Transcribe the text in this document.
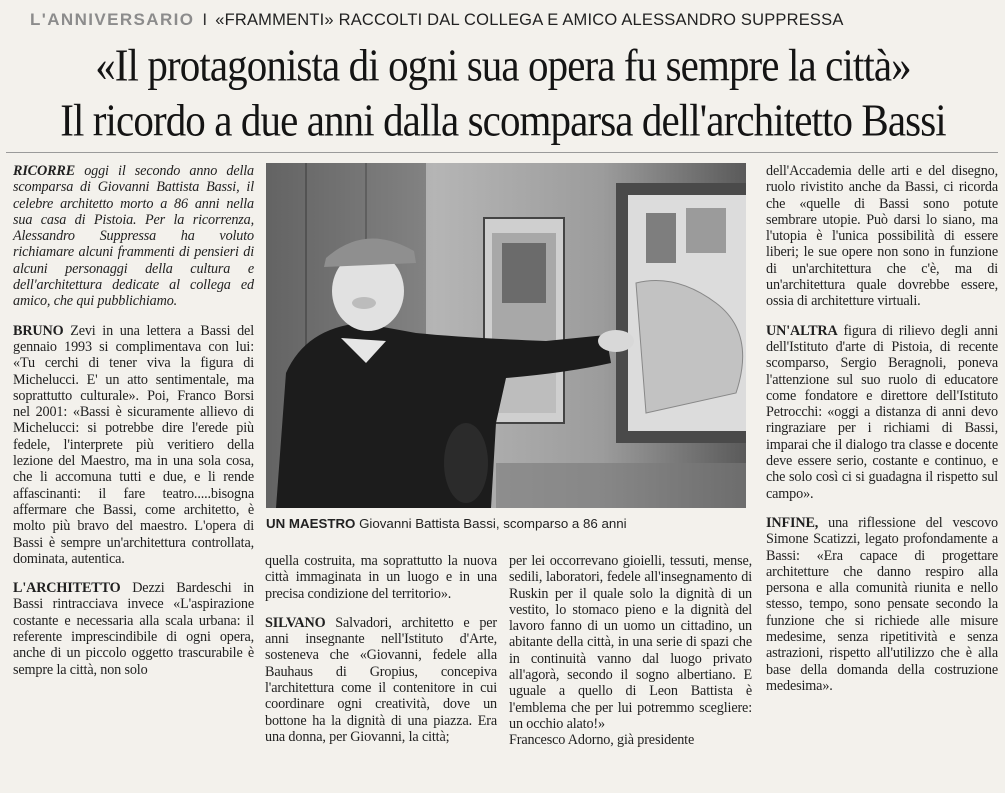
L'ANNIVERSARIO I «FRAMMENTI» RACCOLTI DAL COLLEGA E AMICO ALESSANDRO SUPPRESSA
«Il protagonista di ogni sua opera fu sempre la città»
Il ricordo a due anni dalla scomparsa dell'architetto Bassi

RICORRE oggi il secondo anno della scomparsa di Giovanni Battista Bassi, il celebre architetto morto a 86 anni nella sua casa di Pistoia. Per la ricorrenza, Alessandro Suppressa ha voluto richiamare alcuni frammenti di pensieri di alcuni personaggi della cultura e dell'architettura dedicate al collega ed amico, che qui pubblichiamo.

BRUNO Zevi in una lettera a Bassi del gennaio 1993 si complimentava con lui: «Tu cerchi di tener viva la figura di Michelucci. E' un atto sentimentale, ma soprattutto culturale». Poi, Franco Borsi nel 2001: «Bassi è sicuramente allievo di Michelucci: si potrebbe dire l'erede più fedele, l'interprete più veritiero della lezione del Maestro, ma in una sola cosa, che li accomuna tutti e due, e li rende affascinanti: il fare teatro.....bisogna affermare che Bassi, come architetto, è molto più bravo del maestro. L'opera di Bassi è sempre un'architettura controllata, dominata, autentica.

L'ARCHITETTO Dezzi Bardeschi in Bassi rintracciava invece «L'aspirazione costante e necessaria alla scala urbana: il referente imprescindibile di ogni opera, anche di un piccolo oggetto trascurabile è sempre la città, non solo

UN MAESTRO Giovanni Battista Bassi, scomparso a 86 anni

quella costruita, ma soprattutto la nuova città immaginata in un luogo e in una precisa condizione del territorio».

SILVANO Salvadori, architetto e per anni insegnante nell'Istituto d'Arte, sosteneva che «Giovanni, fedele alla Bauhaus di Gropius, concepiva l'architettura come il contenitore in cui coordinare ogni creatività, dove un bottone ha la dignità di una piazza. Era una donna, per Giovanni, la città;

per lei occorrevano gioielli, tessuti, mense, sedili, laboratori, fedele all'insegnamento di Ruskin per il quale solo la dignità di un vestito, lo stomaco pieno e la dignità del lavoro fanno di un uomo un cittadino, un abitante della città, in una serie di spazi che in continuità vanno dal luogo privato all'agorà, secondo il sogno albertiano. E uguale a quello di Leon Battista è l'emblema che per lui potremmo scegliere: un occhio alato!»

Francesco Adorno, già presidente

dell'Accademia delle arti e del disegno, ruolo rivistito anche da Bassi, ci ricorda che «quelle di Bassi sono potute sembrare utopie. Può darsi lo siano, ma l'utopia è l'unica possibilità di essere liberi; le sue opere non sono in funzione di un'architettura che c'è, ma di un'architettura quale dovrebbe essere, ossia di architetture virtuali.

UN'ALTRA figura di rilievo degli anni dell'Istituto d'arte di Pistoia, di recente scomparso, Sergio Beragnoli, poneva l'attenzione sul suo ruolo di educatore come fondatore e direttore dell'Istituto Petrocchi: «oggi a distanza di anni devo ringraziare per i richiami di Bassi, imparai che il dialogo tra classe e docente deve essere serio, costante e continuo, e che solo così ci si guadagna il rispetto sul campo».

INFINE, una riflessione del vescovo Simone Scatizzi, legato profondamente a Bassi: «Era capace di progettare architetture che danno respiro alla persona e alla comunità riunita e nello stesso, tempo, sono pensate secondo la funzione che si richiede alle misure medesime, senza ripetitività e senza astrazioni, rispetto all'utilizzo che è alla base della domanda della costruzione medesima».
